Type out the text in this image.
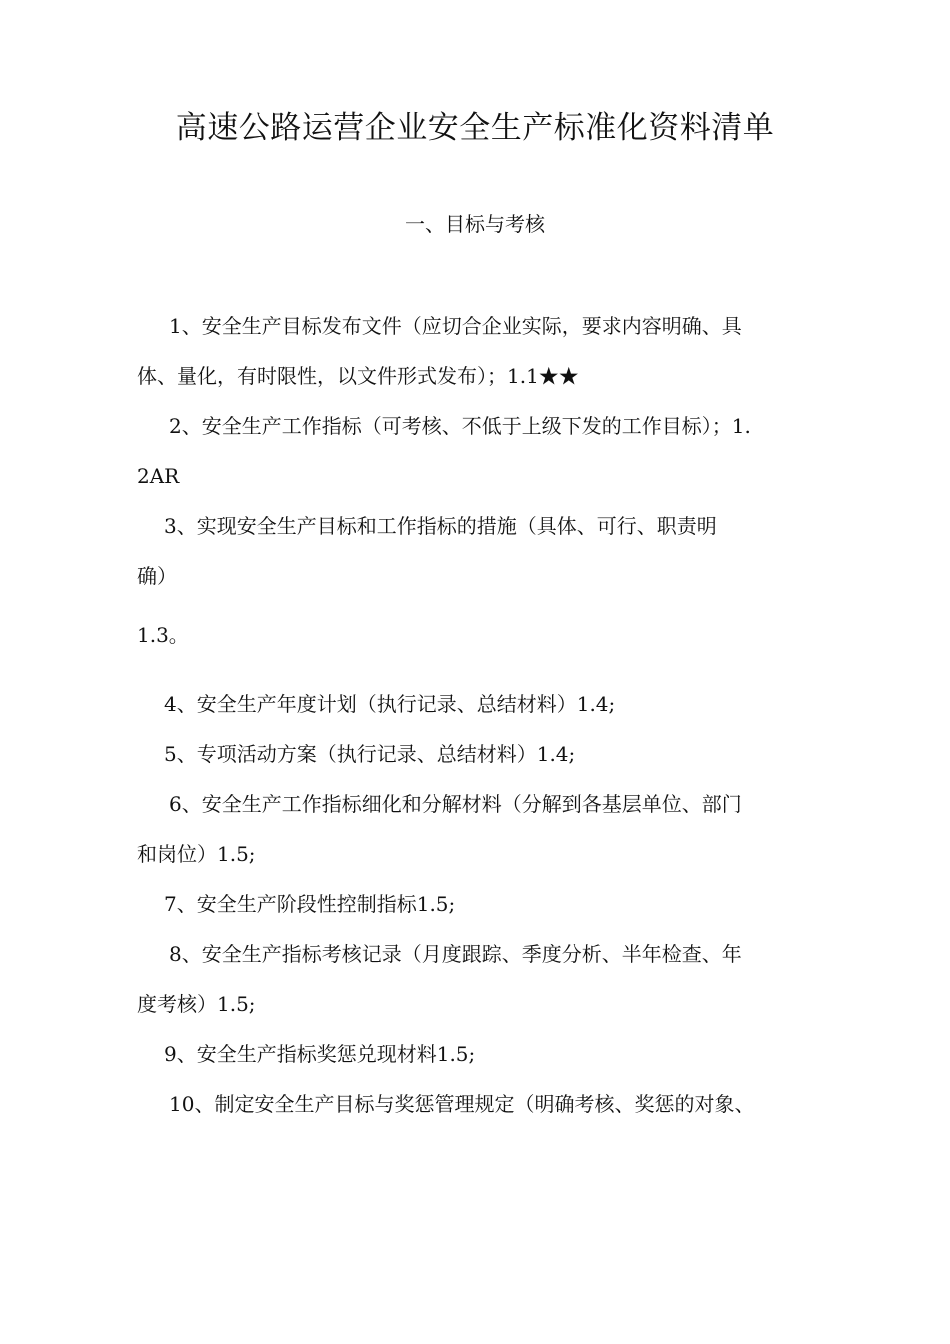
高速公路运营企业安全生产标准化资料清单
一、目标与考核
1、安全生产目标发布文件（应切合企业实际，要求内容明确、具
体、量化，有时限性，以文件形式发布）；1.1★★
2、安全生产工作指标（可考核、不低于上级下发的工作目标）；1.
2AR
3、实现安全生产目标和工作指标的措施（具体、可行、职责明
确）
1.3。
4、安全生产年度计划（执行记录、总结材料）1.4;
5、专项活动方案（执行记录、总结材料）1.4;
6、安全生产工作指标细化和分解材料（分解到各基层单位、部门
和岗位）1.5;
7、安全生产阶段性控制指标1.5;
8、安全生产指标考核记录（月度跟踪、季度分析、半年检查、年
度考核）1.5;
9、安全生产指标奖惩兑现材料1.5;
10、制定安全生产目标与奖惩管理规定（明确考核、奖惩的对象、
